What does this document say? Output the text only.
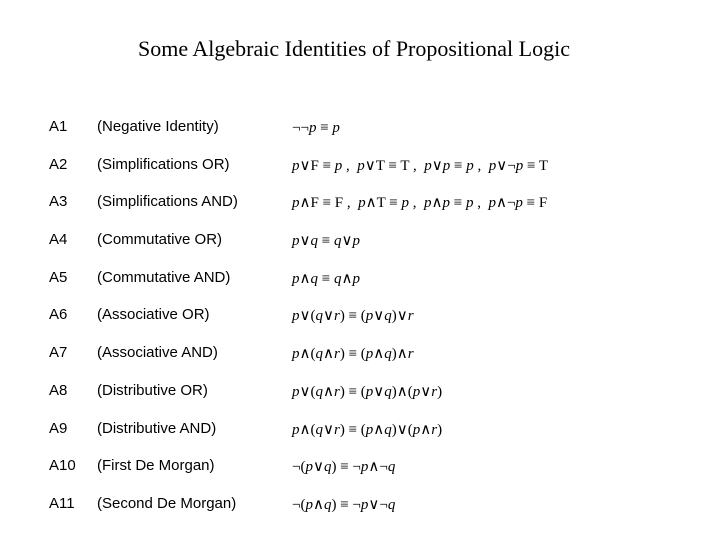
Some Algebraic Identities of Propositional Logic
A1 (Negative Identity)	¬¬p ≡ p
A2 (Simplifications OR)	p∨F ≡ p , p∨T ≡ T , p∨p ≡ p , p∨¬p ≡ T
A3 (Simplifications AND)	p∧F ≡ F , p∧T ≡ p , p∧p ≡ p , p∧¬p ≡ F
A4 (Commutative OR)	p∨q ≡ q∨p
A5 (Commutative AND)	p∧q ≡ q∧p
A6 (Associative OR)	p∨(q∨r) ≡ (p∨q)∨r
A7 (Associative AND)	p∧(q∧r) ≡ (p∧q)∧r
A8 (Distributive OR)	p∨(q∧r) ≡ (p∨q)∧(p∨r)
A9 (Distributive AND)	p∧(q∨r) ≡ (p∧q)∨(p∧r)
A10 (First De Morgan)	¬(p∨q) ≡ ¬p∧¬q
A11 (Second De Morgan)	¬(p∧q) ≡ ¬p∨¬q
